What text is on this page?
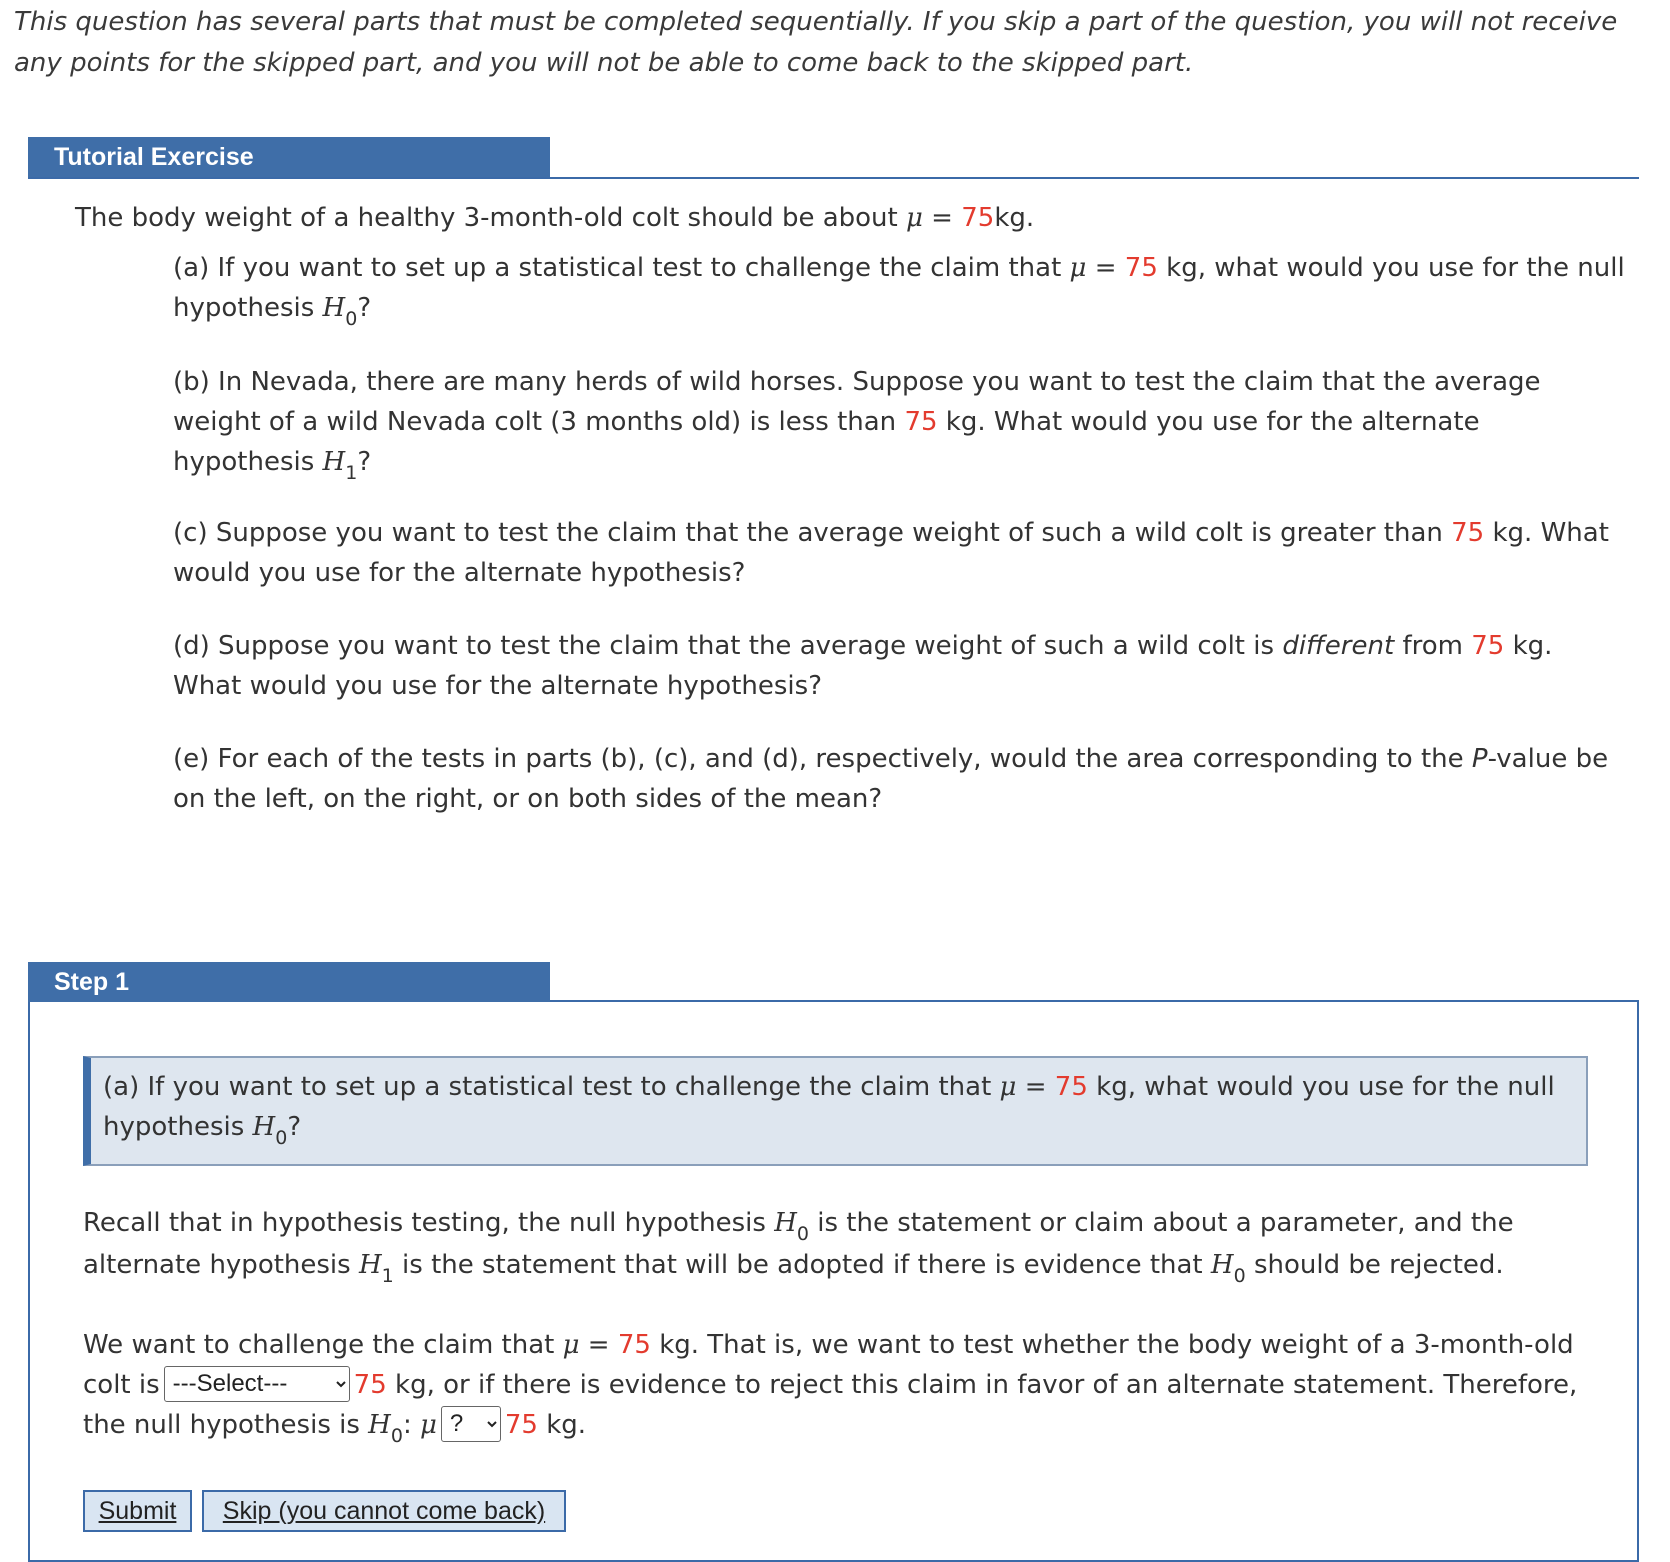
This question has several parts that must be completed sequentially. If you skip a part of the question, you will not receive any points for the skipped part, and you will not be able to come back to the skipped part.
Tutorial Exercise
The body weight of a healthy 3-month-old colt should be about μ = 75kg.
(a) If you want to set up a statistical test to challenge the claim that μ = 75 kg, what would you use for the null hypothesis $H_0$?
(b) In Nevada, there are many herds of wild horses. Suppose you want to test the claim that the average weight of a wild Nevada colt (3 months old) is less than 75 kg. What would you use for the alternate hypothesis $H_1$?
(c) Suppose you want to test the claim that the average weight of such a wild colt is greater than 75 kg. What would you use for the alternate hypothesis?
(d) Suppose you want to test the claim that the average weight of such a wild colt is different from 75 kg. What would you use for the alternate hypothesis?
(e) For each of the tests in parts (b), (c), and (d), respectively, would the area corresponding to the P-value be on the left, on the right, or on both sides of the mean?
Step 1
(a) If you want to set up a statistical test to challenge the claim that μ = 75 kg, what would you use for the null hypothesis $H_0$?
Recall that in hypothesis testing, the null hypothesis $H_0$ is the statement or claim about a parameter, and the alternate hypothesis $H_1$ is the statement that will be adopted if there is evidence that $H_0$ should be rejected.
We want to challenge the claim that μ = 75 kg. That is, we want to test whether the body weight of a 3-month-old colt is
---Select---	75 kg, or if there is evidence to reject this claim in favor of an alternate statement. Therefore, the null hypothesis is $H_0$: μ
?	75 kg.
Submit	Skip (you cannot come back)
